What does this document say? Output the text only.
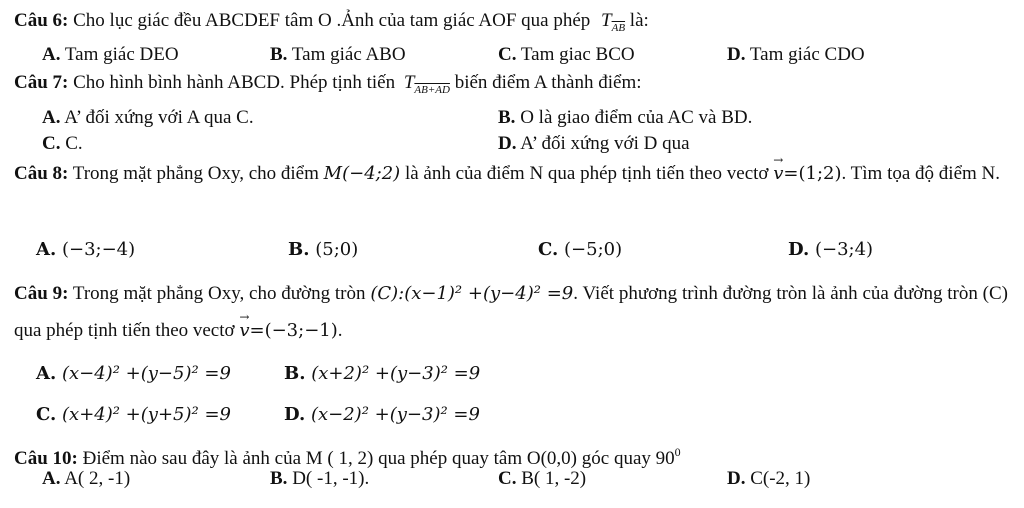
Câu 6: Cho lục giác đều ABCDEF tâm O .Ảnh của tam giác AOF qua phép $T_{\overline{AB}}$ là:
A. Tam giác DEO	B. Tam giác ABO	C. Tam giac BCO	D. Tam giác CDO
Câu 7: Cho hình bình hành ABCD. Phép tịnh tiến $T_{AB+AD}$ biến điểm A thành điểm:
A. A’ đối xứng với A qua C.	B. O là giao điểm của AC và BD.
C. C.	D. A’ đối xứng với D qua
Câu 8: Trong mặt phẳng Oxy, cho điểm M(−4;2) là ảnh của điểm N qua phép tịnh tiến theo vectơ → v=(1;2). Tìm tọa độ điểm N.
A. (−3;−4)	B. (5;0)	C. (−5;0)	D. (−3;4)
Câu 9: Trong mặt phẳng Oxy, cho đường tròn (C):(x−1)² +(y−4)² =9. Viết phương trình đường tròn là ảnh của đường tròn (C) qua phép tịnh tiến theo vectơ → v=(−3;−1).
A. (x−4)² +(y−5)² =9	B. (x+2)² +(y−3)² =9
C. (x+4)² +(y+5)² =9	D. (x−2)² +(y−3)² =9
Câu 10: Điểm nào sau đây là ảnh của M ( 1, 2) qua phép quay tâm O(0,0) góc quay $90^0$
A. A( 2, -1)	B. D( -1, -1).	C. B( 1, -2)	D. C(-2, 1)
